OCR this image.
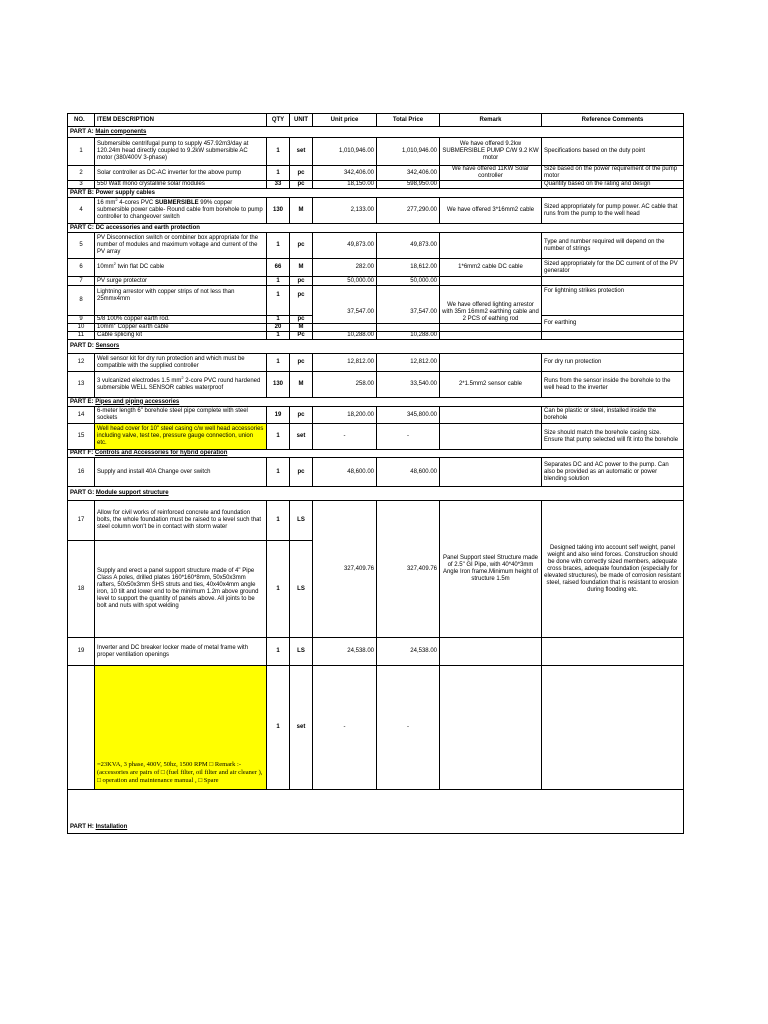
NO.	ITEM DESCRIPTION	QTY	UNIT	Unit price	Total Price	Remark	Reference Comments
PART A: Main components							
1	Submersible centrifugal pump to supply 457.92m3/day at 120.24m head directly coupled to 9.2kW submersible AC motor (380/400V 3-phase)	1	set	1,010,946.00	1,010,946.00	We have offered 9.2kw SUBMERSIBLE PUMP C/W 9.2 KW motor	Specifications based on the duty point
2	Solar controller as DC-AC inverter for the above pump	1	pc	342,406.00	342,406.00	We have offered 11KW Solar controller	Size based on the power requirement of the pump motor
3	550 Watt mono crystalline solar modules	33	pc	18,150.00	598,950.00		Quantity based on the rating and design
PART B: Power supply cables							
4	16 $mm^2$ 4-cores PVC SUBMERSIBLE 99% copper submersible power cable- Round cable from borehole to pump controller to changeover switch	130	M	2,133.00	277,290.00	We have offered 3*16mm2 cable	Sized appropriately for pump power. AC cable that runs from the pump to the well head
PART C: DC accessories and earth protection							
5	PV Disconnection switch or combiner box appropriate for the number of modules and maximum voltage and current of the PV array	1	pc	49,873.00	49,873.00		Type and number required will depend on the number of strings
6	$10mm^2$ twin flat DC cable	66	M	282.00	18,612.00	1*6mm2 cable DC cable	Sized appropriately for the DC current of of the PV generator
7	PV surge protector	1	pc	50,000.00	50,000.00		
8	Lightning arrestor with copper strips of not less than 25mmx4mm	1	pc	37,547.00	37,547.00	We have offered lighting arrestor with 35m 16mm2 earthing cable and 2 PCS of eathing rod	For lightning strikes protection
9	5/8 100% copper earth rod.	1	pc				For earthing
10	$10mm^2$ Copper earth cable	20	M				
11	Cable splicing kit	1	Pc	10,288.00	10,288.00		
PART D: Sensors							
12	Well sensor kit for dry run protection and which must be compatible with the supplied controller	1	pc	12,812.00	12,812.00		For dry run protection
13	3 vulcanized electrodes 1.5 $mm^2$ 2-core PVC round hardened submersible WELL SENSOR cables waterproof	130	M	258.00	33,540.00	2*1.5mm2 sensor cable	Runs from the sensor inside the borehole to the well head to the inverter
PART E: Pipes and piping accessories							
14	6-meter length 6" borehole steel pipe complete with steel sockets	19	pc	18,200.00	345,800.00		Can be plastic or steel, installed inside the borehole
15	Well head cover for 10" steel casing c/w well head accessories including valve, test tee, pressure gauge connection, union etc.	1	set	-	-		Size should match the borehole casing size. Ensure that pump selected will fit into the borehole
PART F: Controls and Accessories for hybrid operation							
16	Supply and install 40A Change over switch	1	pc	48,600.00	48,600.00		Separates DC and AC power to the pump. Can also be provided as an automatic or power blending solution
PART G: Module support structure							
17	Allow for civil works of reinforced concrete and foundation bolts, the whole foundation must be raised to a level such that steel column won't be in contact with storm water	1	LS	327,409.76	327,409.76	Panel Support steel Structure made of 2.5" GI Pipe, with 40*40*3mm Angle Iron frame.Minimum height of structure 1.5m	Designed taking into account self weight, panel weight and also wind forces. Construction should be done with correctly sized members, adequate cross braces, adequate foundation (especially for elevated structures), be made of corrosion resistant steel, raised foundation that is resistant to erosion during flooding etc.
18	Supply and erect a panel support structure made of 4" Pipe Class A poles, drilled plates 160*160*8mm, 50x50x3mm rafters, 50x50x3mm SHS struts and ties, 40x40x4mm angle iron, 10 tilt and lower end to be minimum 1.2m above ground level to support the quantity of panels above. All joints to be bolt and nuts with spot welding	1	LS				
19	Inverter and DC breaker locker made of metal frame with proper ventilation openings	1	LS	24,538.00	24,538.00		
	=23KVA, 3 phase, 400V, 50hz, 1500 RPM □ Remark :- (accessories are pairs of □ (fuel filter, oil filter and air cleaner ), □ operation and maintenance manual , □ Spare	1	set	-	-		

PART H: Installation							
